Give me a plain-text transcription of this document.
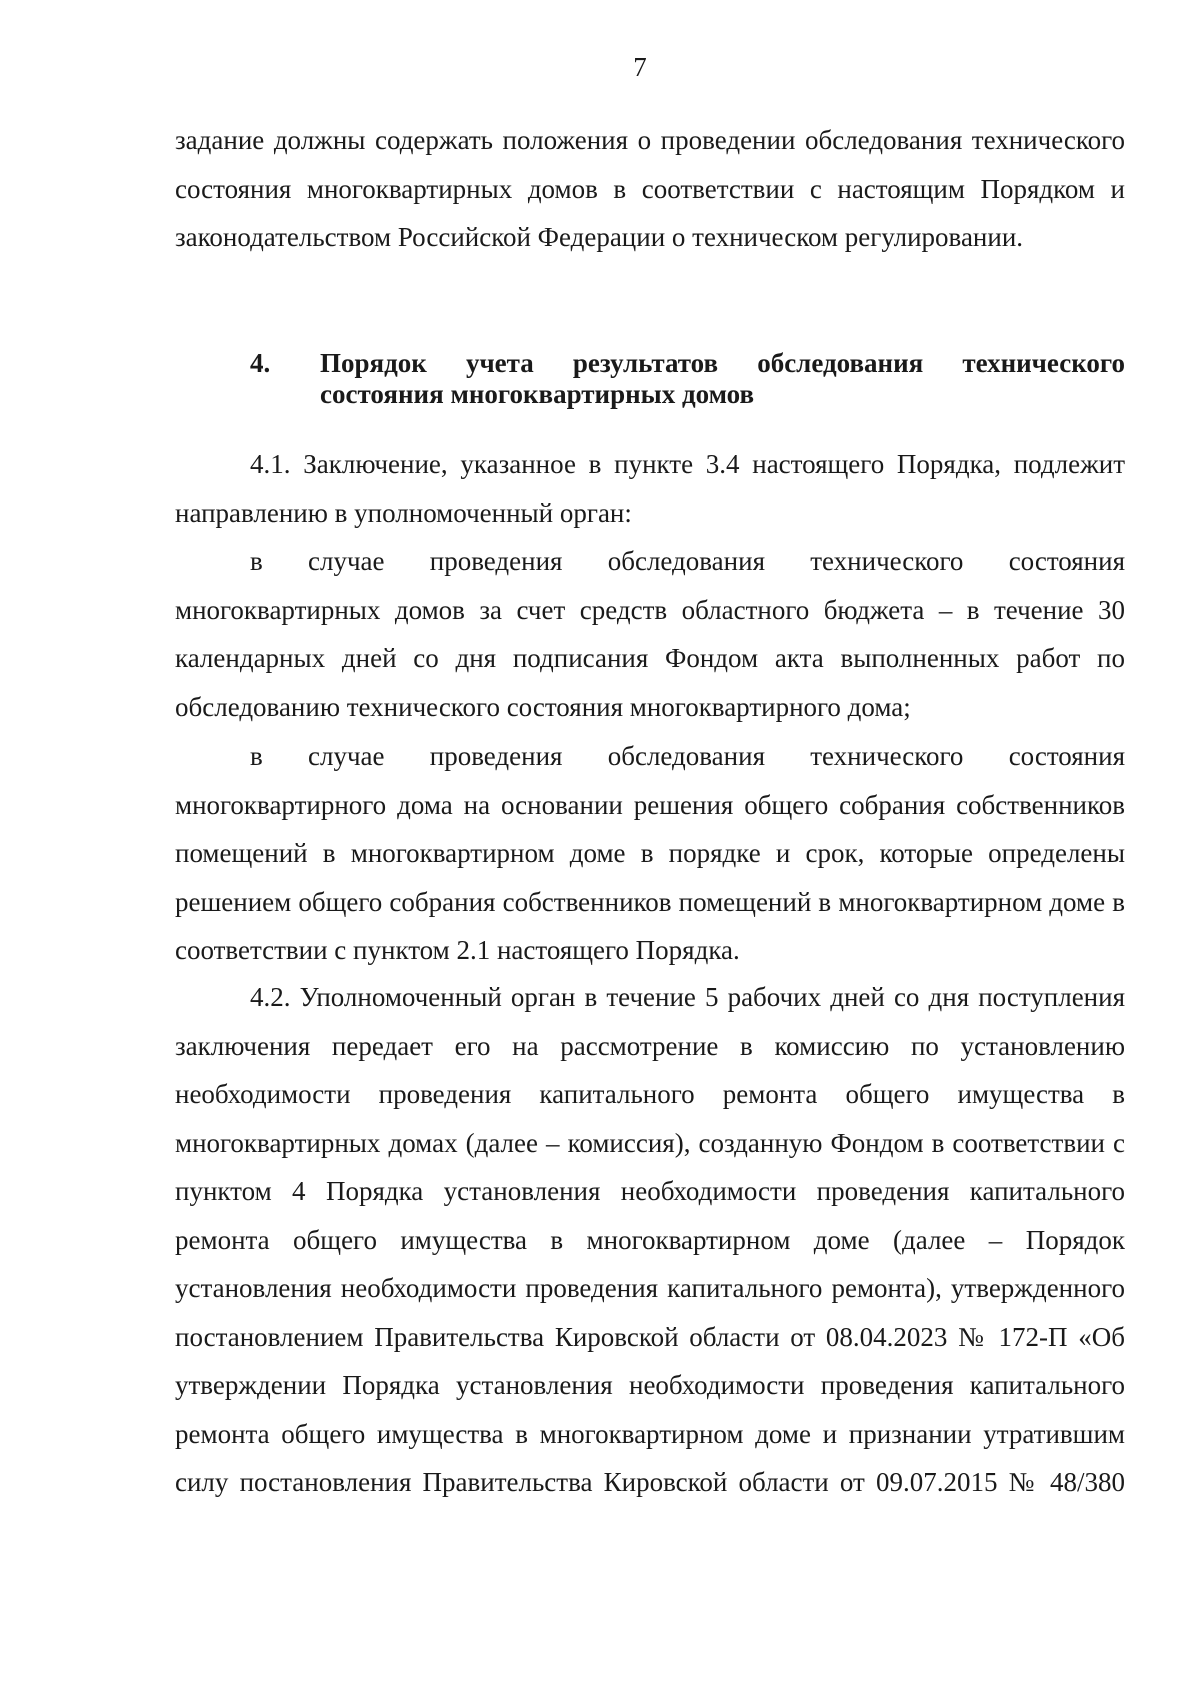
7
задание должны содержать положения о проведении обследования технического состояния многоквартирных домов в соответствии с настоящим Порядком и законодательством Российской Федерации о техническом регулировании.
4. Порядок учета результатов обследования технического
состояния многоквартирных домов
4.1. Заключение, указанное в пункте 3.4 настоящего Порядка, подлежит направлению в уполномоченный орган:
в случае проведения обследования технического состояния многоквартирных домов за счет средств областного бюджета – в течение 30 календарных дней со дня подписания Фондом акта выполненных работ по обследованию технического состояния многоквартирного дома;
в случае проведения обследования технического состояния многоквартирного дома на основании решения общего собрания собственников помещений в многоквартирном доме в порядке и срок, которые определены решением общего собрания собственников помещений в многоквартирном доме в соответствии с пунктом 2.1 настоящего Порядка.
4.2. Уполномоченный орган в течение 5 рабочих дней со дня поступления заключения передает его на рассмотрение в комиссию по установлению необходимости проведения капитального ремонта общего имущества в многоквартирных домах (далее – комиссия), созданную Фондом в соответствии с пунктом 4 Порядка установления необходимости проведения капитального ремонта общего имущества в многоквартирном доме (далее – Порядок установления необходимости проведения капитального ремонта), утвержденного постановлением Правительства Кировской области от 08.04.2023 № 172-П «Об утверждении Порядка установления необходимости проведения капитального ремонта общего имущества в многоквартирном доме и признании утратившим силу постановления Правительства Кировской области от 09.07.2015 № 48/380
